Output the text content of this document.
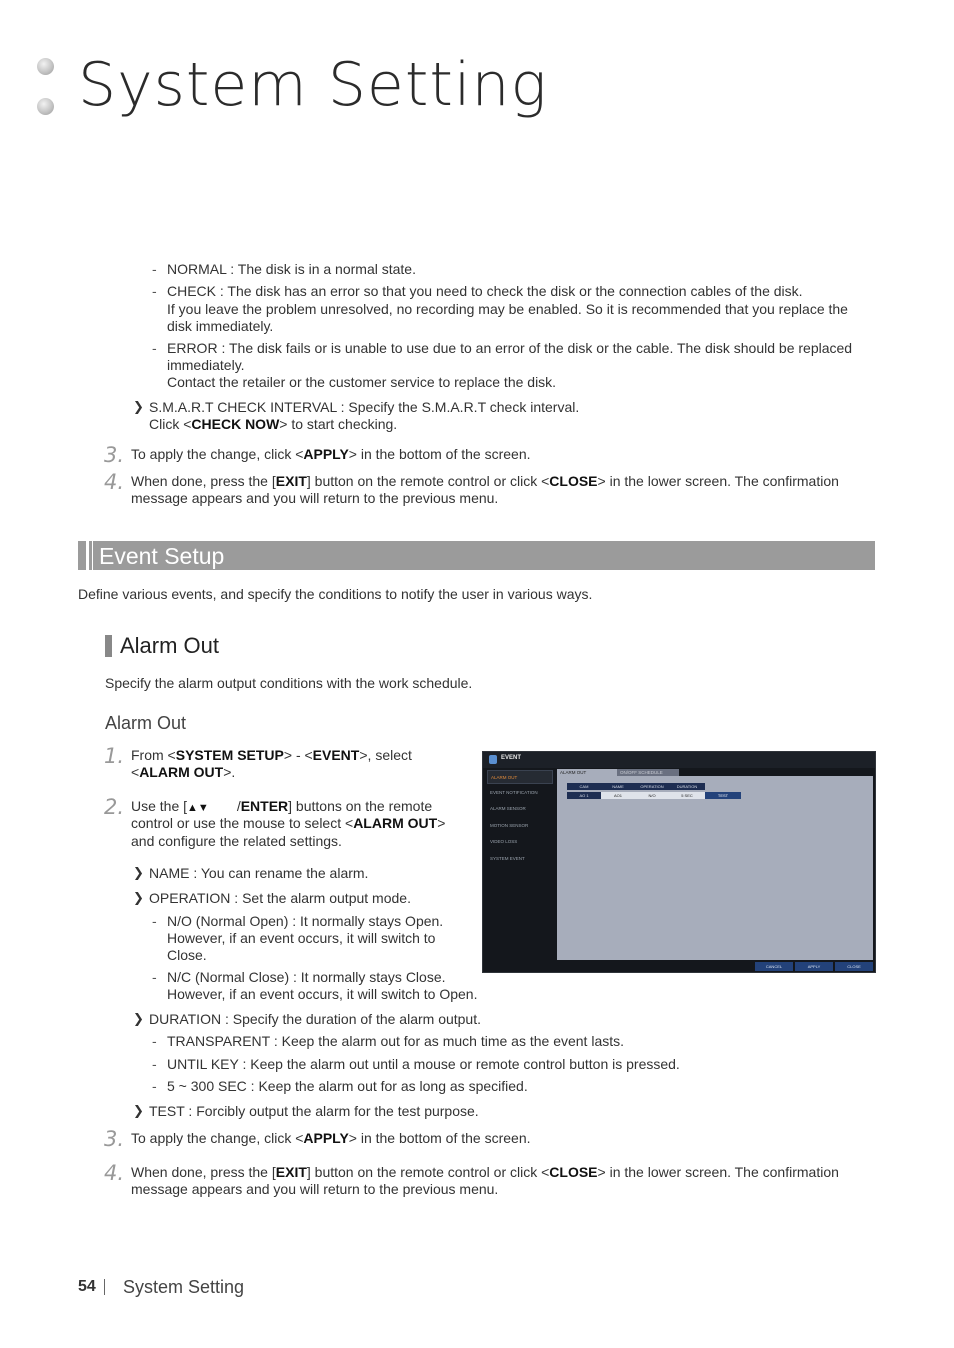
System Setting
- NORMAL : The disk is in a normal state.
- CHECK : The disk has an error so that you need to check the disk or the connection cables of the disk.
If you leave the problem unresolved, no recording may be enabled. So it is recommended that you replace the
disk immediately.
- ERROR : The disk fails or is unable to use due to an error of the disk or the cable. The disk should be replaced
immediately.
Contact the retailer or the customer service to replace the disk.
❯ S.M.A.R.T CHECK INTERVAL : Specify the S.M.A.R.T check interval.
Click <CHECK NOW> to start checking.
3. To apply the change, click <APPLY> in the bottom of the screen.
4. When done, press the [EXIT] button on the remote control or click <CLOSE> in the lower screen. The confirmation
message appears and you will return to the previous menu.
Event Setup
Define various events, and specify the conditions to notify the user in various ways.
Alarm Out
Specify the alarm output conditions with the work schedule.
Alarm Out
1. From <SYSTEM SETUP> - <EVENT>, select
<ALARM OUT>.
2. Use the [▲▼ /ENTER] buttons on the remote
control or use the mouse to select <ALARM OUT>
and configure the related settings.
❯ NAME : You can rename the alarm.
❯ OPERATION : Set the alarm output mode.
- N/O (Normal Open) : It normally stays Open.
However, if an event occurs, it will switch to
Close.
- N/C (Normal Close) : It normally stays Close.
However, if an event occurs, it will switch to Open.
❯ DURATION : Specify the duration of the alarm output.
- TRANSPARENT : Keep the alarm out for as much time as the event lasts.
- UNTIL KEY : Keep the alarm out until a mouse or remote control button is pressed.
- 5 ~ 300 SEC : Keep the alarm out for as long as specified.
❯ TEST : Forcibly output the alarm for the test purpose.
3. To apply the change, click <APPLY> in the bottom of the screen.
4. When done, press the [EXIT] button on the remote control or click <CLOSE> in the lower screen. The confirmation
message appears and you will return to the previous menu.
EVENT
ALARM OUT
EVENT NOTIFICATION
ALARM SENSOR
MOTION SENSOR
VIDEO LOSS
SYSTEM EVENT
ALARM OUT	ON/OFF SCHEDULE
CAM	NAME	OPERATION	DURATION
AO 1	AO1	N/O	5 SEC	TEST
CANCEL	APPLY	CLOSE
54 System Setting
